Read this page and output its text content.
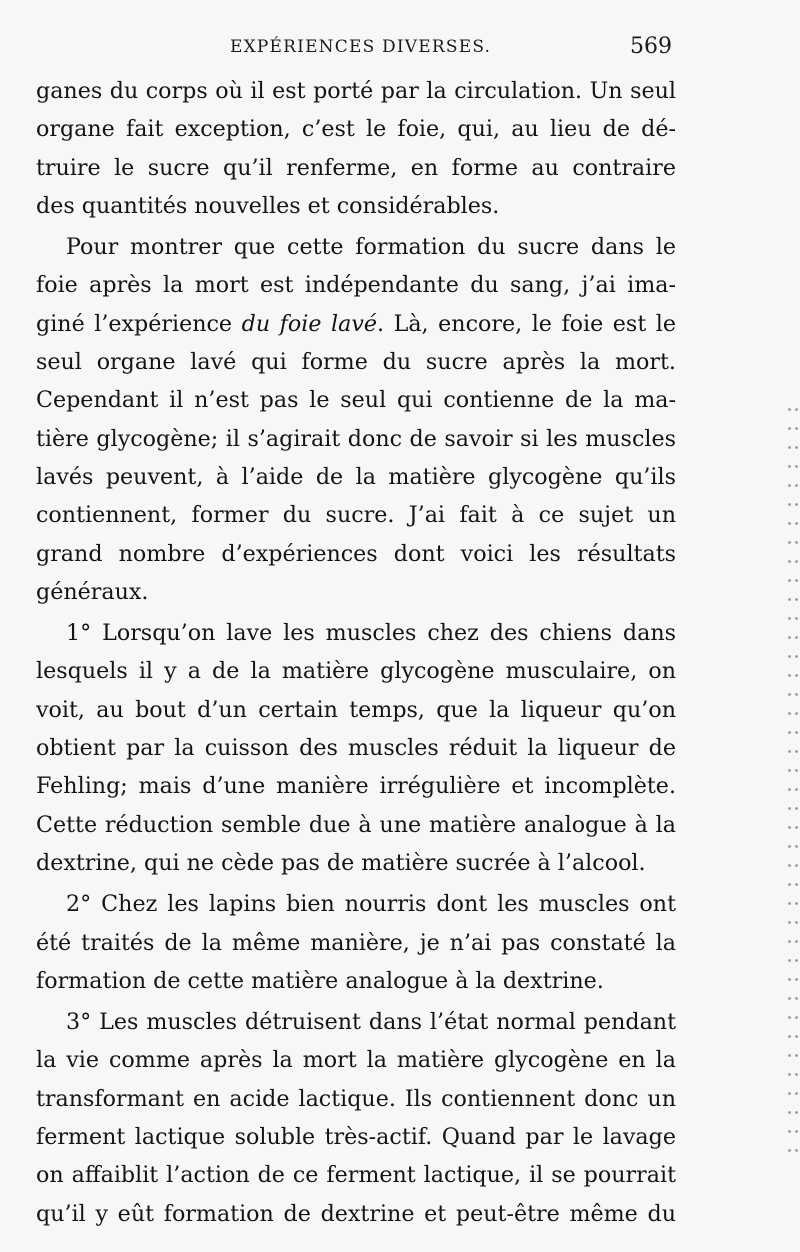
EXPÉRIENCES DIVERSES.	569
ganes du corps où il est porté par la circulation. Un seul
organe fait exception, c’est le foie, qui, au lieu de dé-
truire le sucre qu’il renferme, en forme au contraire
des quantités nouvelles et considérables.
Pour montrer que cette formation du sucre dans le
foie après la mort est indépendante du sang, j’ai ima-
giné l’expérience du foie lavé. Là, encore, le foie est le
seul organe lavé qui forme du sucre après la mort.
Cependant il n’est pas le seul qui contienne de la ma-
tière glycogène; il s’agirait donc de savoir si les muscles
lavés peuvent, à l’aide de la matière glycogène qu’ils
contiennent, former du sucre. J’ai fait à ce sujet un
grand nombre d’expériences dont voici les résultats
généraux.
1° Lorsqu’on lave les muscles chez des chiens dans
lesquels il y a de la matière glycogène musculaire, on
voit, au bout d’un certain temps, que la liqueur qu’on
obtient par la cuisson des muscles réduit la liqueur de
Fehling; mais d’une manière irrégulière et incomplète.
Cette réduction semble due à une matière analogue à la
dextrine, qui ne cède pas de matière sucrée à l’alcool.
2° Chez les lapins bien nourris dont les muscles ont
été traités de la même manière, je n’ai pas constaté la
formation de cette matière analogue à la dextrine.
3° Les muscles détruisent dans l’état normal pendant
la vie comme après la mort la matière glycogène en la
transformant en acide lactique. Ils contiennent donc un
ferment lactique soluble très-actif. Quand par le lavage
on affaiblit l’action de ce ferment lactique, il se pourrait
qu’il y eût formation de dextrine et peut-être même du
